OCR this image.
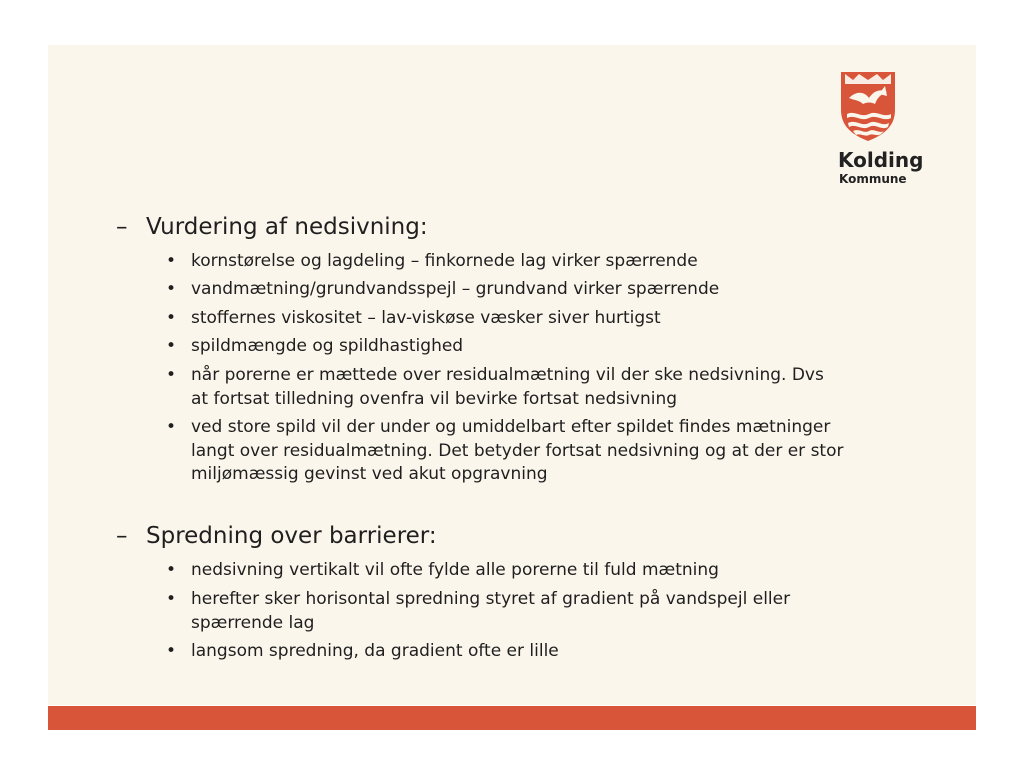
Kolding
Kommune
– Vurdering af nedsivning:
• kornstørelse og lagdeling – finkornede lag virker spærrende
• vandmætning/grundvandsspejl – grundvand virker spærrende
• stoffernes viskositet – lav-viskøse væsker siver hurtigst
• spildmængde og spildhastighed
• når porerne er mættede over residualmætning vil der ske nedsivning. Dvs
at fortsat tilledning ovenfra vil bevirke fortsat nedsivning
• ved store spild vil der under og umiddelbart efter spildet findes mætninger
langt over residualmætning. Det betyder fortsat nedsivning og at der er stor
miljømæssig gevinst ved akut opgravning
– Spredning over barrierer:
• nedsivning vertikalt vil ofte fylde alle porerne til fuld mætning
• herefter sker horisontal spredning styret af gradient på vandspejl eller
spærrende lag
• langsom spredning, da gradient ofte er lille
